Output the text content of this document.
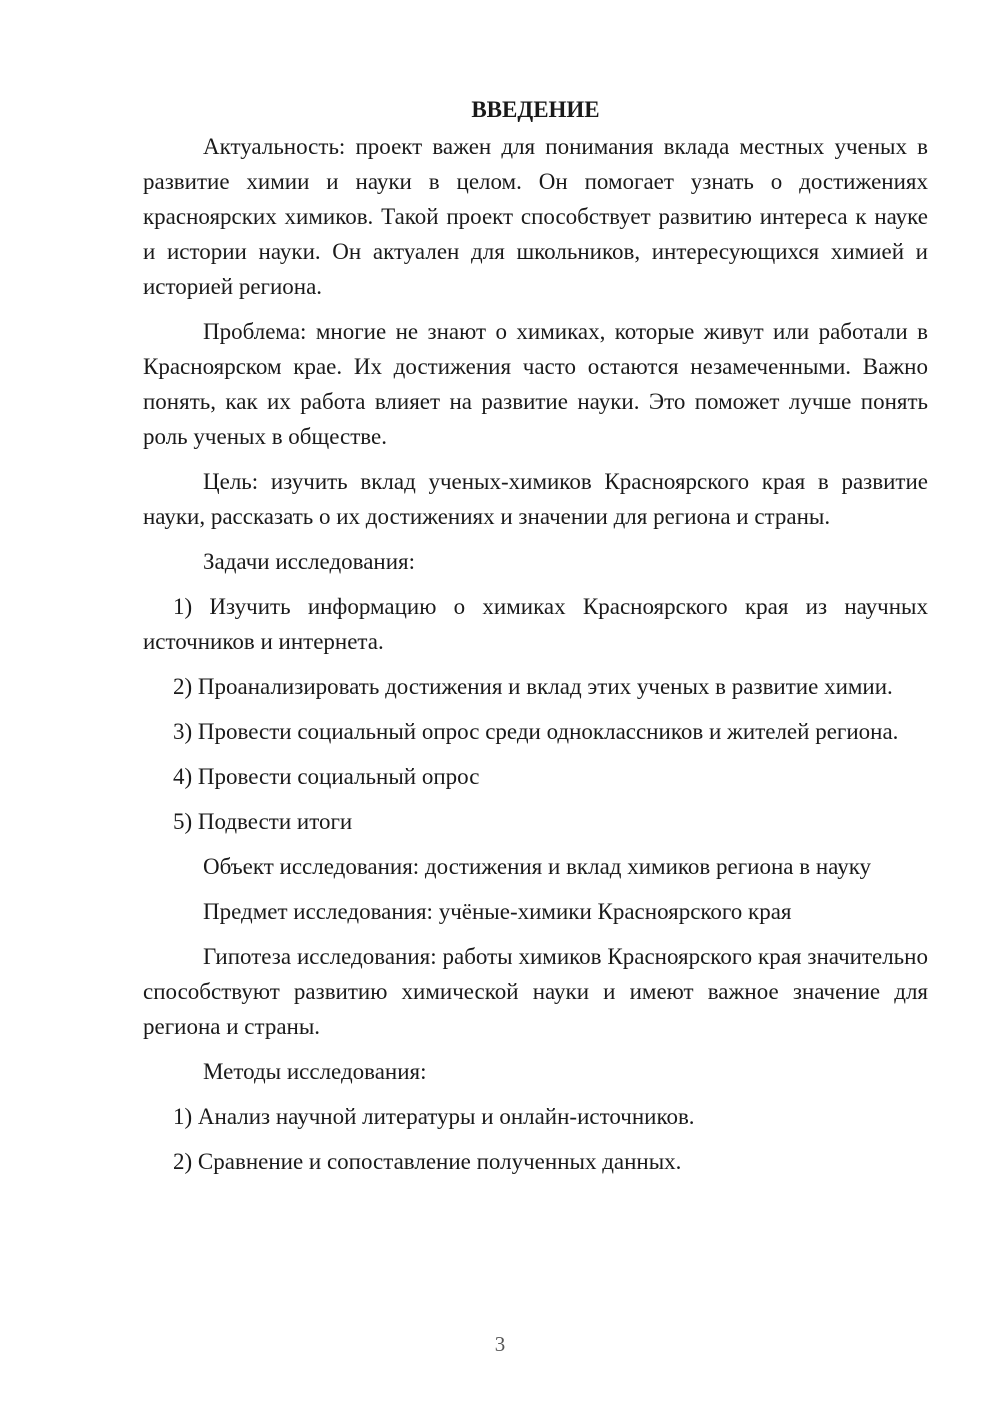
ВВЕДЕНИЕ

Актуальность: проект важен для понимания вклада местных ученых в развитие химии и науки в целом. Он помогает узнать о достижениях красноярских химиков. Такой проект способствует развитию интереса к науке и истории науки. Он актуален для школьников, интересующихся химией и историей региона.

Проблема: многие не знают о химиках, которые живут или работали в Красноярском крае. Их достижения часто остаются незамеченными. Важно понять, как их работа влияет на развитие науки. Это поможет лучше понять роль ученых в обществе.

Цель: изучить вклад ученых-химиков Красноярского края в развитие науки, рассказать о их достижениях и значении для региона и страны.

Задачи исследования:

1) Изучить информацию о химиках Красноярского края из научных источников и интернета.

2) Проанализировать достижения и вклад этих ученых в развитие химии.

3) Провести социальный опрос среди одноклассников и жителей региона.

4) Провести социальный опрос

5) Подвести итоги

Объект исследования: достижения и вклад химиков региона в науку

Предмет исследования: учёные-химики Красноярского края

Гипотеза исследования: работы химиков Красноярского края значительно способствуют развитию химической науки и имеют важное значение для региона и страны.

Методы исследования:

1) Анализ научной литературы и онлайн-источников.

2) Сравнение и сопоставление полученных данных.

3
